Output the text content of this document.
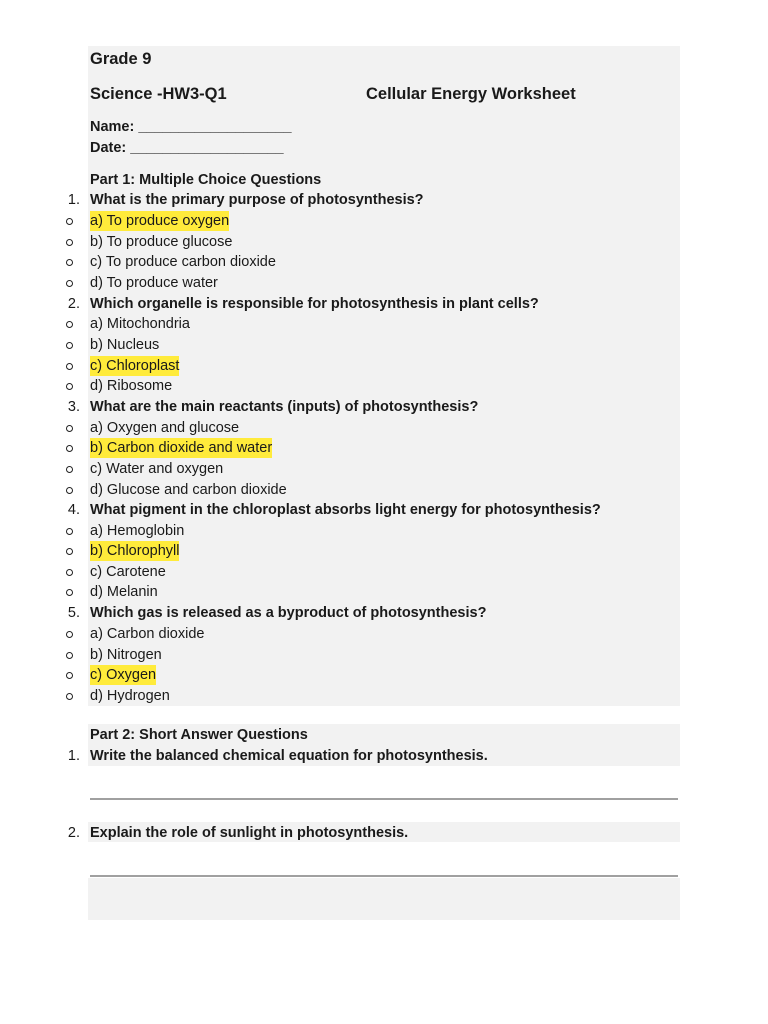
Grade 9
Science -HW3-Q1	Cellular Energy Worksheet
Name: ___________________
Date: ___________________
Part 1: Multiple Choice Questions
1. What is the primary purpose of photosynthesis?
a) To produce oxygen
b) To produce glucose
c) To produce carbon dioxide
d) To produce water
2. Which organelle is responsible for photosynthesis in plant cells?
a) Mitochondria
b) Nucleus
c) Chloroplast
d) Ribosome
3. What are the main reactants (inputs) of photosynthesis?
a) Oxygen and glucose
b) Carbon dioxide and water
c) Water and oxygen
d) Glucose and carbon dioxide
4. What pigment in the chloroplast absorbs light energy for photosynthesis?
a) Hemoglobin
b) Chlorophyll
c) Carotene
d) Melanin
5. Which gas is released as a byproduct of photosynthesis?
a) Carbon dioxide
b) Nitrogen
c) Oxygen
d) Hydrogen
Part 2: Short Answer Questions
1. Write the balanced chemical equation for photosynthesis.
2. Explain the role of sunlight in photosynthesis.
